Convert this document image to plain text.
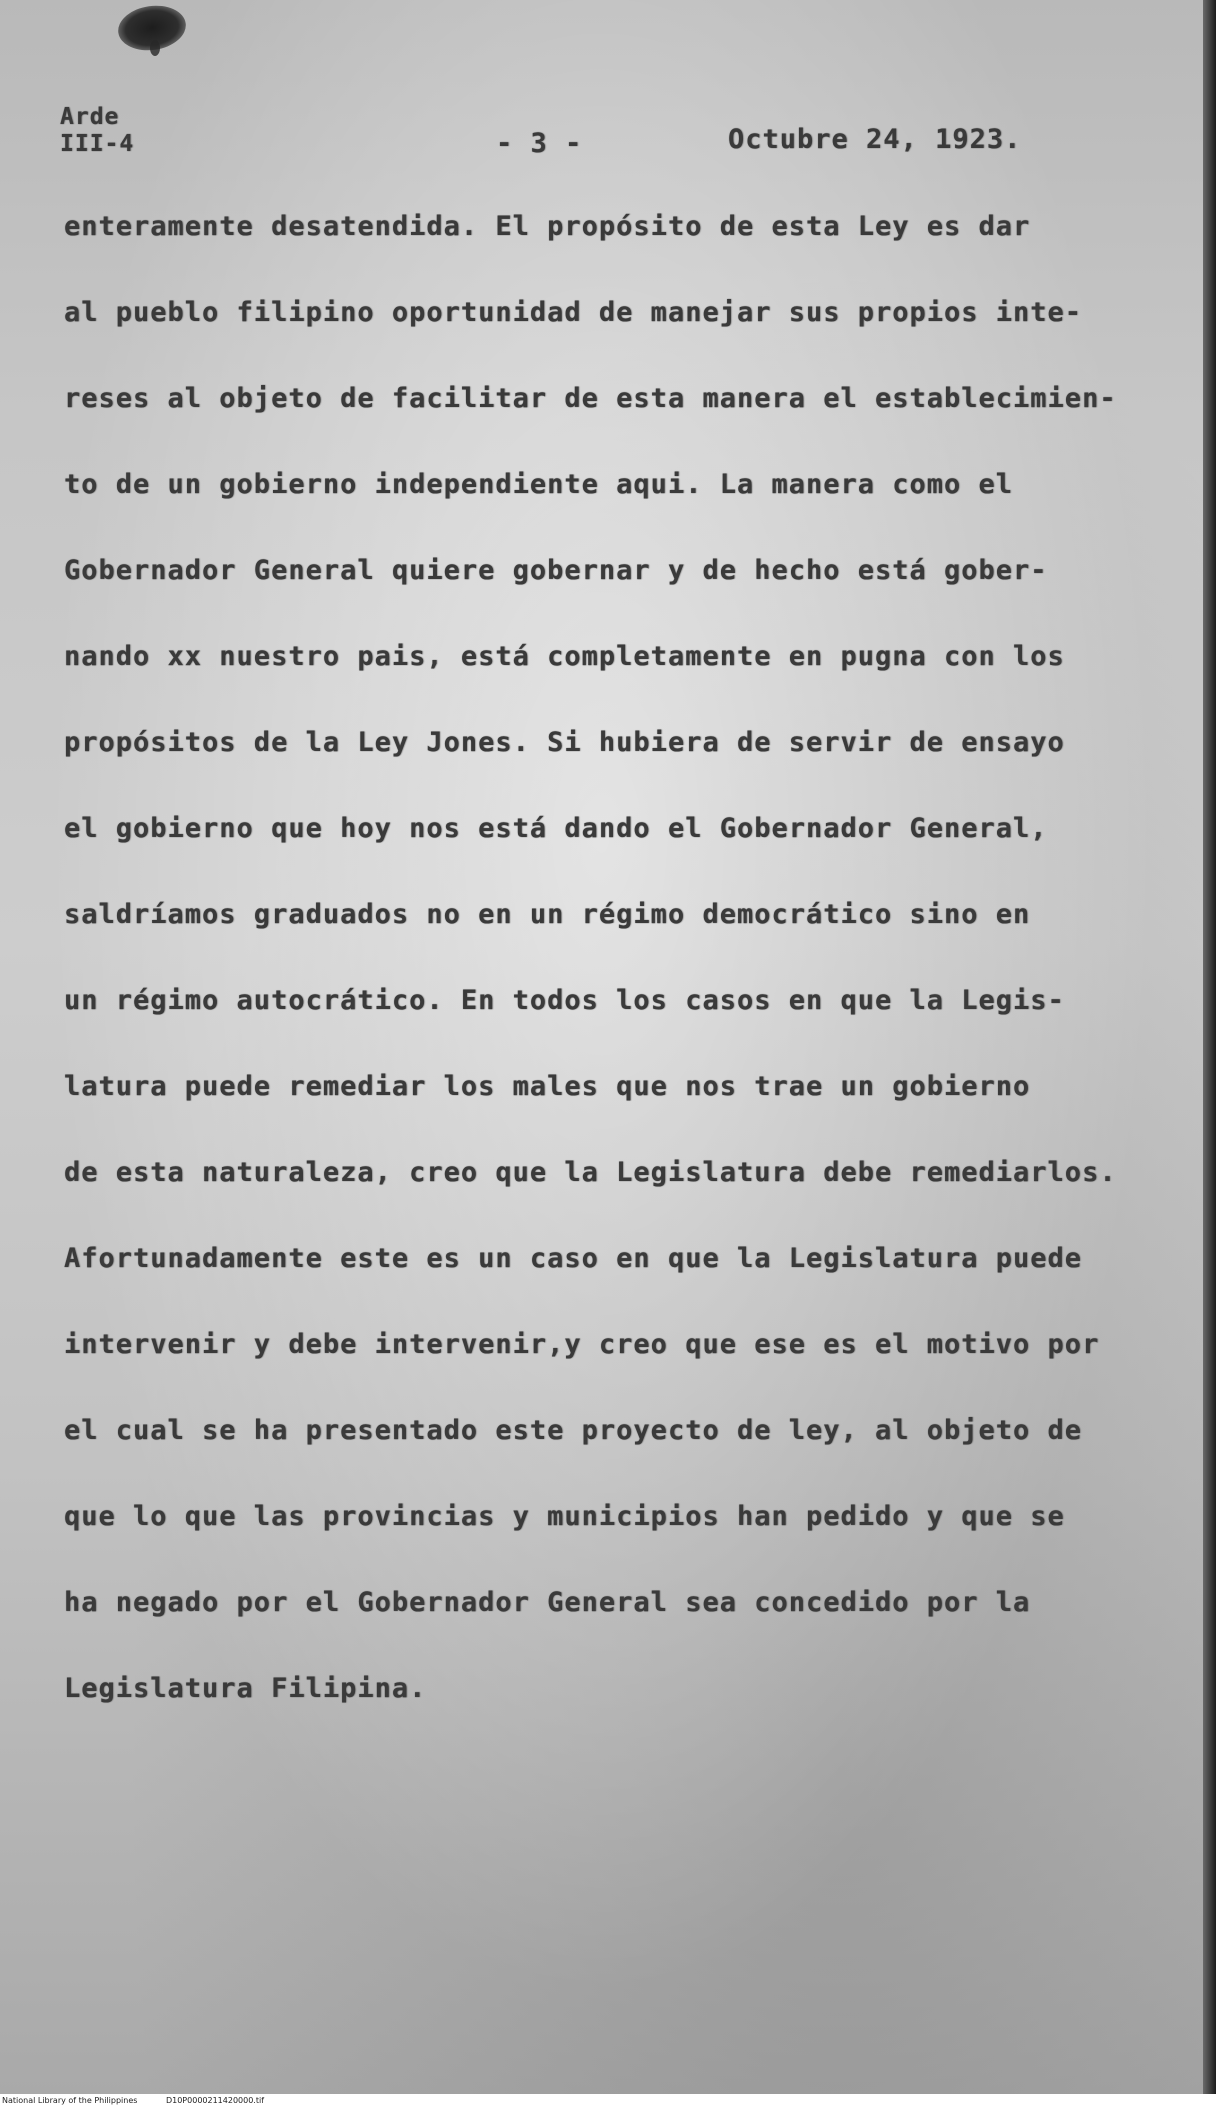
Arde
III-4	- 3 -	Octubre 24, 1923.
enteramente desatendida. El propósito de esta Ley es dar
al pueblo filipino oportunidad de manejar sus propios inte-
reses al objeto de facilitar de esta manera el establecimien-
to de un gobierno independiente aqui. La manera como el
Gobernador General quiere gobernar y de hecho está gober-
nando xx nuestro pais, está completamente en pugna con los
propósitos de la Ley Jones. Si hubiera de servir de ensayo
el gobierno que hoy nos está dando el Gobernador General,
saldríamos graduados no en un régimo democrático sino en
un régimo autocrático. En todos los casos en que la Legis-
latura puede remediar los males que nos trae un gobierno
de esta naturaleza, creo que la Legislatura debe remediarlos.
Afortunadamente este es un caso en que la Legislatura puede
intervenir y debe intervenir,y creo que ese es el motivo por
el cual se ha presentado este proyecto de ley, al objeto de
que lo que las provincias y municipios han pedido y que se
ha negado por el Gobernador General sea concedido por la
Legislatura Filipina.
National Library of the Philippines	D10P0000211420000.tif
